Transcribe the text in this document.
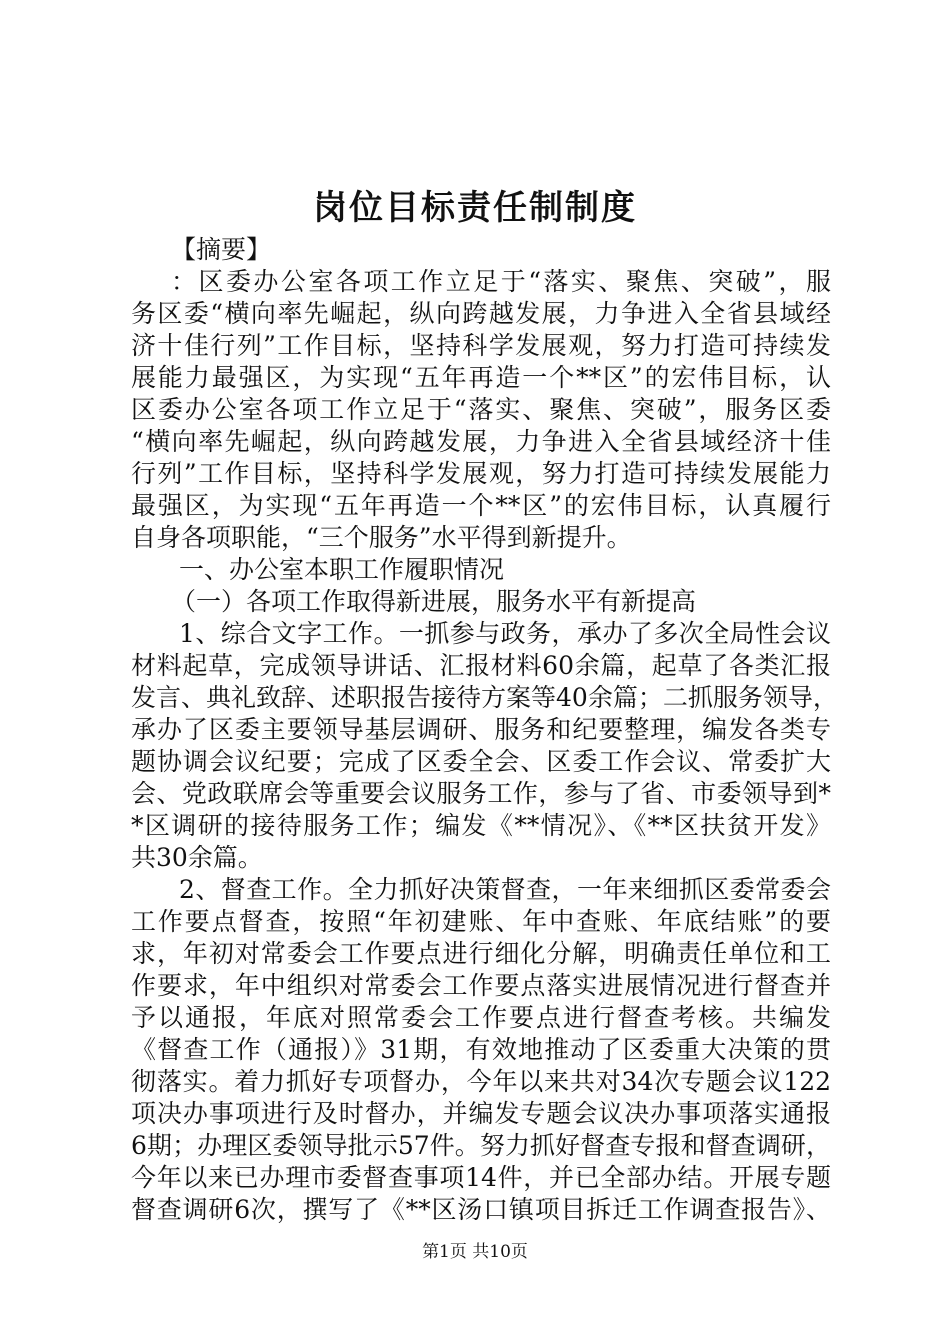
岗位目标责任制制度
【摘要】
：区委办公室各项工作立足于“落实、聚焦、突破”，服
务区委“横向率先崛起，纵向跨越发展，力争进入全省县域经
济十佳行列”工作目标，坚持科学发展观，努力打造可持续发
展能力最强区，为实现“五年再造一个**区”的宏伟目标，认
区委办公室各项工作立足于“落实、聚焦、突破”，服务区委
“横向率先崛起，纵向跨越发展，力争进入全省县域经济十佳
行列”工作目标，坚持科学发展观，努力打造可持续发展能力
最强区，为实现“五年再造一个**区”的宏伟目标，认真履行
自身各项职能，“三个服务”水平得到新提升。
一、办公室本职工作履职情况
（一）各项工作取得新进展，服务水平有新提高
1、综合文字工作。一抓参与政务，承办了多次全局性会议
材料起草，完成领导讲话、汇报材料60余篇，起草了各类汇报
发言、典礼致辞、述职报告接待方案等40余篇；二抓服务领导，
承办了区委主要领导基层调研、服务和纪要整理，编发各类专
题协调会议纪要；完成了区委全会、区委工作会议、常委扩大
会、党政联席会等重要会议服务工作，参与了省、市委领导到*
*区调研的接待服务工作；编发《**情况》、《**区扶贫开发》
共30余篇。
2、督查工作。全力抓好决策督查，一年来细抓区委常委会
工作要点督查，按照“年初建账、年中查账、年底结账”的要
求，年初对常委会工作要点进行细化分解，明确责任单位和工
作要求，年中组织对常委会工作要点落实进展情况进行督查并
予以通报，年底对照常委会工作要点进行督查考核。共编发
《督查工作（通报）》31期，有效地推动了区委重大决策的贯
彻落实。着力抓好专项督办，今年以来共对34次专题会议122
项决办事项进行及时督办，并编发专题会议决办事项落实通报
6期；办理区委领导批示57件。努力抓好督查专报和督查调研，
今年以来已办理市委督查事项14件，并已全部办结。开展专题
督查调研6次，撰写了《**区汤口镇项目拆迁工作调查报告》、
第1页 共10页
